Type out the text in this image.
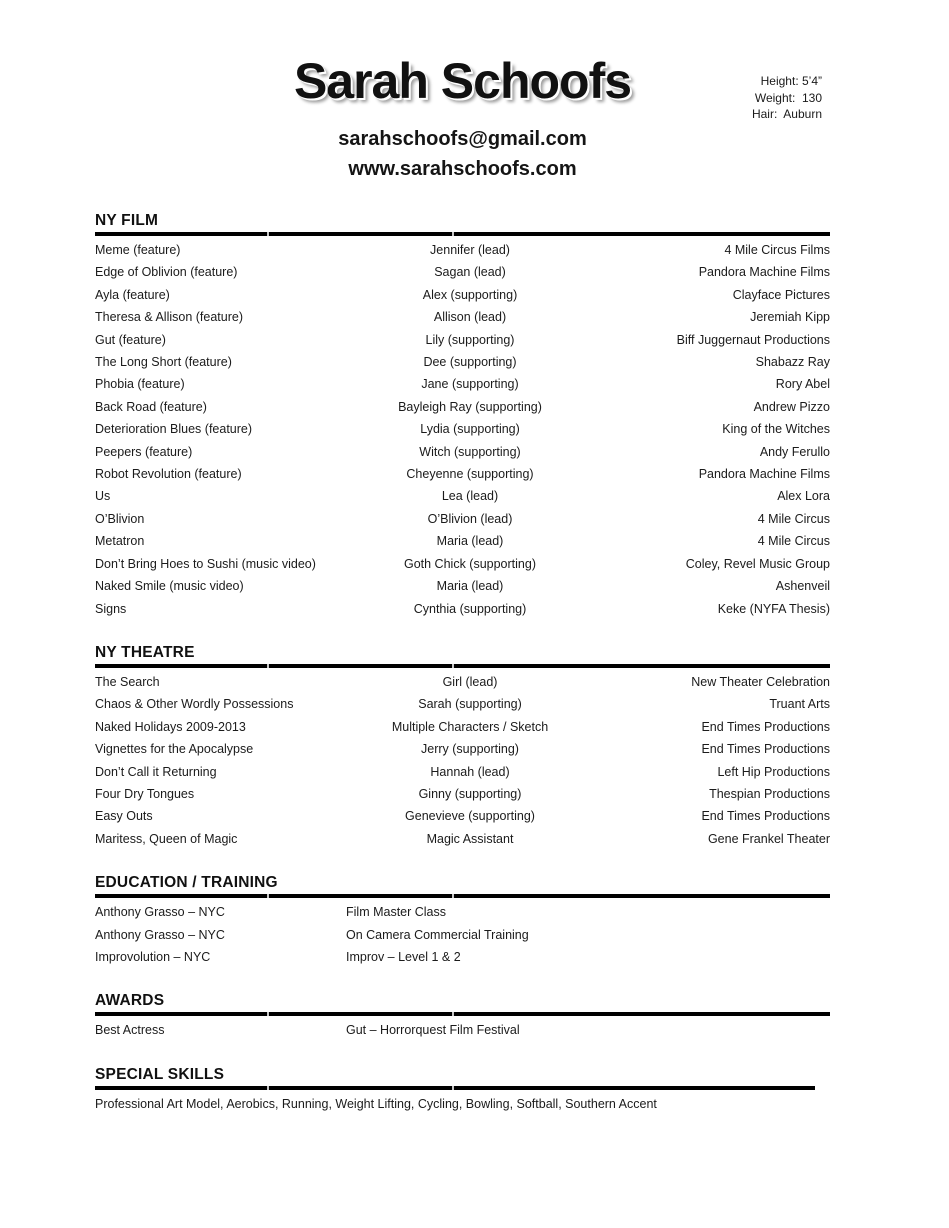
Height: 5’4”
Weight:  130
Hair:  Auburn
Sarah Schoofs
sarahschoofs@gmail.com
www.sarahschoofs.com
NY FILM
Meme (feature)	Jennifer (lead)	4 Mile Circus Films
Edge of Oblivion (feature)	Sagan (lead)	Pandora Machine Films
Ayla (feature)	Alex (supporting)	Clayface Pictures
Theresa & Allison (feature)	Allison (lead)	Jeremiah Kipp
Gut (feature)	Lily (supporting)	Biff Juggernaut Productions
The Long Short (feature)	Dee (supporting)	Shabazz Ray
Phobia (feature)	Jane (supporting)	Rory Abel
Back Road (feature)	Bayleigh Ray (supporting)	Andrew Pizzo
Deterioration Blues (feature)	Lydia (supporting)	King of the Witches
Peepers (feature)	Witch (supporting)	Andy Ferullo
Robot Revolution (feature)	Cheyenne (supporting)	Pandora Machine Films
Us	Lea (lead)	Alex Lora
O’Blivion	O’Blivion (lead)	4 Mile Circus
Metatron	Maria (lead)	4 Mile Circus
Don’t Bring Hoes to Sushi (music video)	Goth Chick (supporting)	Coley, Revel Music Group
Naked Smile (music video)	Maria (lead)	Ashenveil
Signs	Cynthia (supporting)	Keke (NYFA Thesis)
NY THEATRE
The Search	Girl (lead)	New Theater Celebration
Chaos & Other Wordly Possessions	Sarah (supporting)	Truant Arts
Naked Holidays 2009-2013	Multiple Characters / Sketch	End Times Productions
Vignettes for the Apocalypse	Jerry (supporting)	End Times Productions
Don’t Call it Returning	Hannah (lead)	Left Hip Productions
Four Dry Tongues	Ginny (supporting)	Thespian Productions
Easy Outs	Genevieve (supporting)	End Times Productions
Maritess, Queen of Magic	Magic Assistant	Gene Frankel Theater
EDUCATION / TRAINING
Anthony Grasso – NYC	Film Master Class
Anthony Grasso – NYC	On Camera Commercial Training
Improvolution – NYC	Improv – Level 1 & 2
AWARDS
Best Actress	Gut – Horrorquest Film Festival
SPECIAL SKILLS
Professional Art Model, Aerobics, Running, Weight Lifting, Cycling, Bowling, Softball, Southern Accent
